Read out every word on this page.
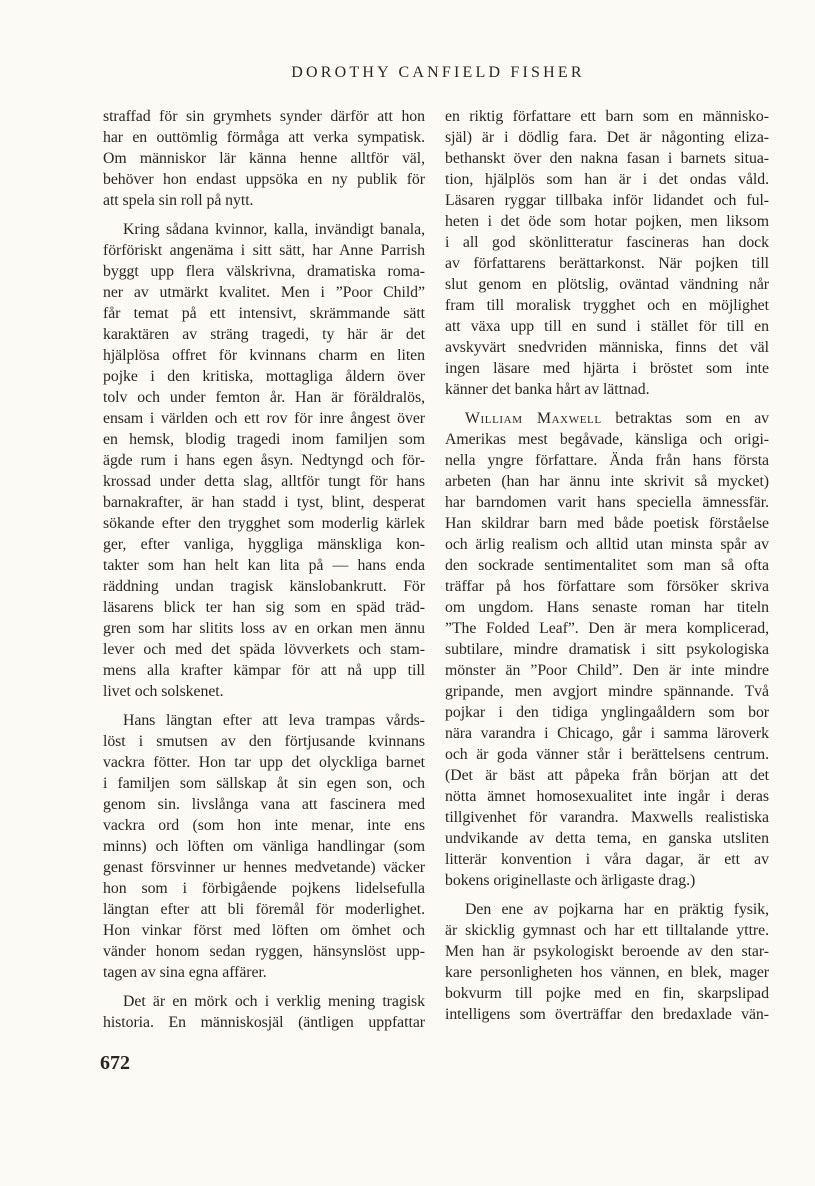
DOROTHY CANFIELD FISHER
straffad för sin grymhets synder därför att hon
har en outtömlig förmåga att verka sympatisk.
Om människor lär känna henne alltför väl,
behöver hon endast uppsöka en ny publik för
att spela sin roll på nytt.
Kring sådana kvinnor, kalla, invändigt banala,
förföriskt angenäma i sitt sätt, har Anne Parrish
byggt upp flera välskrivna, dramatiska roma-
ner av utmärkt kvalitet. Men i ”Poor Child”
får temat på ett intensivt, skrämmande sätt
karaktären av sträng tragedi, ty här är det
hjälplösa offret för kvinnans charm en liten
pojke i den kritiska, mottagliga åldern över
tolv och under femton år. Han är föräldralös,
ensam i världen och ett rov för inre ångest över
en hemsk, blodig tragedi inom familjen som
ägde rum i hans egen åsyn. Nedtyngd och för-
krossad under detta slag, alltför tungt för hans
barnakrafter, är han stadd i tyst, blint, desperat
sökande efter den trygghet som moderlig kärlek
ger, efter vanliga, hyggliga mänskliga kon-
takter som han helt kan lita på — hans enda
räddning undan tragisk känslobankrutt. För
läsarens blick ter han sig som en späd träd-
gren som har slitits loss av en orkan men ännu
lever och med det späda lövverkets och stam-
mens alla krafter kämpar för att nå upp till
livet och solskenet.
Hans längtan efter att leva trampas vårds-
löst i smutsen av den förtjusande kvinnans
vackra fötter. Hon tar upp det olyckliga barnet
i familjen som sällskap åt sin egen son, och
genom sin. livslånga vana att fascinera med
vackra ord (som hon inte menar, inte ens
minns) och löften om vänliga handlingar (som
genast försvinner ur hennes medvetande) väcker
hon som i förbigående pojkens lidelsefulla
längtan efter att bli föremål för moderlighet.
Hon vinkar först med löften om ömhet och
vänder honom sedan ryggen, hänsynslöst upp-
tagen av sina egna affärer.
Det är en mörk och i verklig mening tragisk
historia. En människosjäl (äntligen uppfattar
en riktig författare ett barn som en människo-
själ) är i dödlig fara. Det är någonting eliza-
bethanskt över den nakna fasan i barnets situa-
tion, hjälplös som han är i det ondas våld.
Läsaren ryggar tillbaka inför lidandet och ful-
heten i det öde som hotar pojken, men liksom
i all god skönlitteratur fascineras han dock
av författarens berättarkonst. När pojken till
slut genom en plötslig, oväntad vändning når
fram till moralisk trygghet och en möjlighet
att växa upp till en sund i stället för till en
avskyvärt snedvriden människa, finns det väl
ingen läsare med hjärta i bröstet som inte
känner det banka hårt av lättnad.
William Maxwell betraktas som en av
Amerikas mest begåvade, känsliga och origi-
nella yngre författare. Ända från hans första
arbeten (han har ännu inte skrivit så mycket)
har barndomen varit hans speciella ämnessfär.
Han skildrar barn med både poetisk förståelse
och ärlig realism och alltid utan minsta spår av
den sockrade sentimentalitet som man så ofta
träffar på hos författare som försöker skriva
om ungdom. Hans senaste roman har titeln
”The Folded Leaf”. Den är mera komplicerad,
subtilare, mindre dramatisk i sitt psykologiska
mönster än ”Poor Child”. Den är inte mindre
gripande, men avgjort mindre spännande. Två
pojkar i den tidiga ynglingaåldern som bor
nära varandra i Chicago, går i samma läroverk
och är goda vänner står i berättelsens centrum.
(Det är bäst att påpeka från början att det
nötta ämnet homosexualitet inte ingår i deras
tillgivenhet för varandra. Maxwells realistiska
undvikande av detta tema, en ganska utsliten
litterär konvention i våra dagar, är ett av
bokens originellaste och ärligaste drag.)
Den ene av pojkarna har en präktig fysik,
är skicklig gymnast och har ett tilltalande yttre.
Men han är psykologiskt beroende av den star-
kare personligheten hos vännen, en blek, mager
bokvurm till pojke med en fin, skarpslipad
intelligens som överträffar den bredaxlade vän-
672
